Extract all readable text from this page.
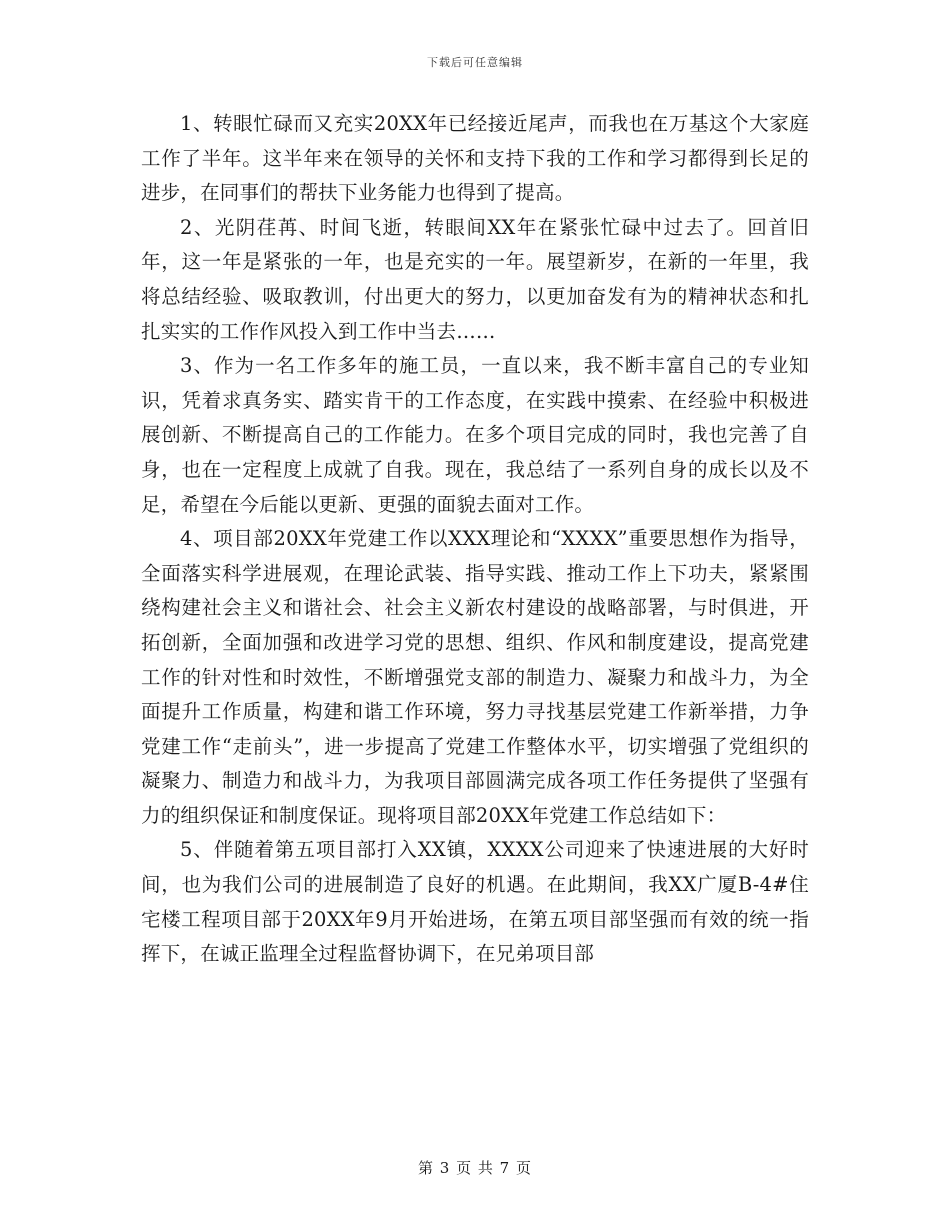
下载后可任意编辑

1、转眼忙碌而又充实20XX年已经接近尾声，而我也在万基这个大家庭工作了半年。这半年来在领导的关怀和支持下我的工作和学习都得到长足的进步，在同事们的帮扶下业务能力也得到了提高。

2、光阴荏苒、时间飞逝，转眼间XX年在紧张忙碌中过去了。回首旧年，这一年是紧张的一年，也是充实的一年。展望新岁，在新的一年里，我将总结经验、吸取教训，付出更大的努力，以更加奋发有为的精神状态和扎扎实实的工作作风投入到工作中当去……

3、作为一名工作多年的施工员，一直以来，我不断丰富自己的专业知识，凭着求真务实、踏实肯干的工作态度，在实践中摸索、在经验中积极进展创新、不断提高自己的工作能力。在多个项目完成的同时，我也完善了自身，也在一定程度上成就了自我。现在，我总结了一系列自身的成长以及不足，希望在今后能以更新、更强的面貌去面对工作。

4、项目部20XX年党建工作以XXX理论和“XXXX”重要思想作为指导，全面落实科学进展观，在理论武装、指导实践、推动工作上下功夫，紧紧围绕构建社会主义和谐社会、社会主义新农村建设的战略部署，与时俱进，开拓创新，全面加强和改进学习党的思想、组织、作风和制度建设，提高党建工作的针对性和时效性，不断增强党支部的制造力、凝聚力和战斗力，为全面提升工作质量，构建和谐工作环境，努力寻找基层党建工作新举措，力争党建工作“走前头”，进一步提高了党建工作整体水平，切实增强了党组织的凝聚力、制造力和战斗力，为我项目部圆满完成各项工作任务提供了坚强有力的组织保证和制度保证。现将项目部20XX年党建工作总结如下：

5、伴随着第五项目部打入XX镇，XXXX公司迎来了快速进展的大好时间，也为我们公司的进展制造了良好的机遇。在此期间，我XX广厦B-4#住宅楼工程项目部于20XX年9月开始进场，在第五项目部坚强而有效的统一指挥下，在诚正监理全过程监督协调下，在兄弟项目部

第 3 页 共 7 页
